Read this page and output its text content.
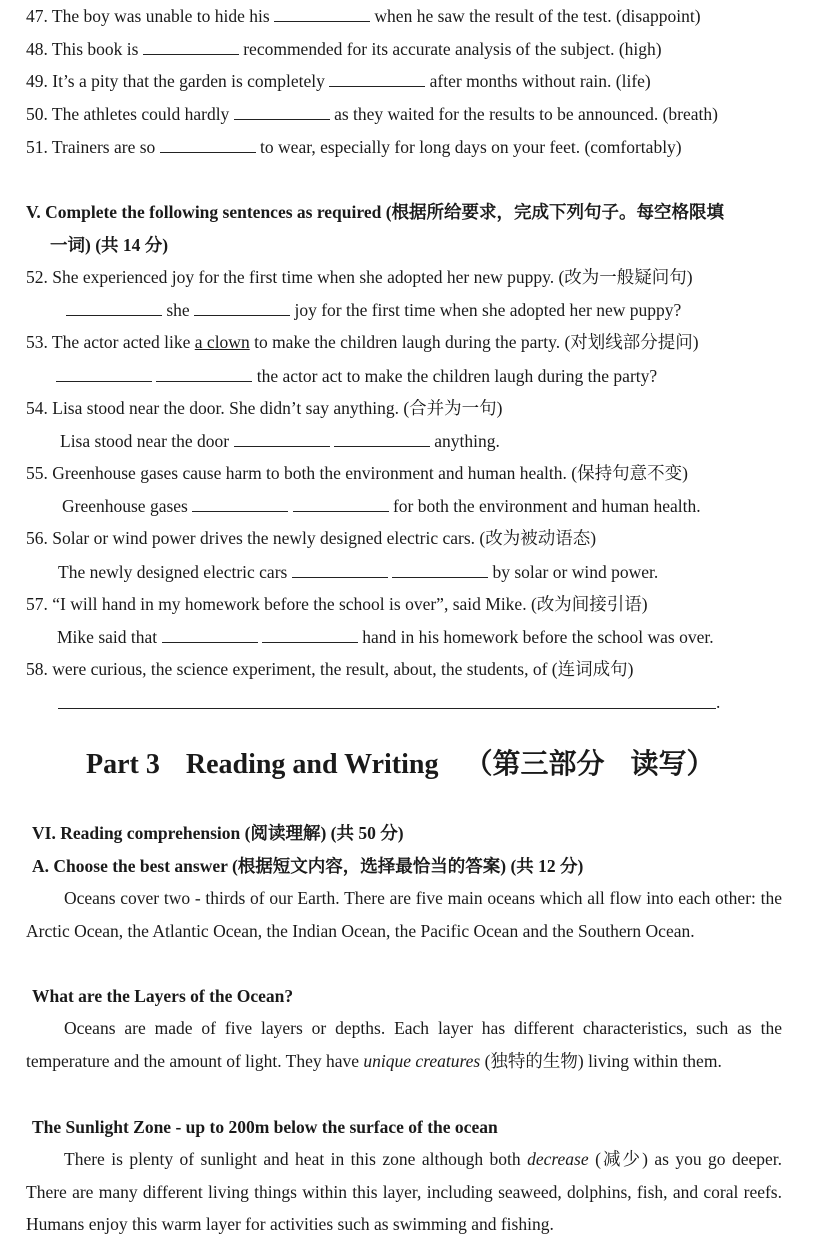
47. The boy was unable to hide his	when he saw the result of the test. (disappoint)
48. This book is	recommended for its accurate analysis of the subject. (high)
49. It’s a pity that the garden is completely	after months without rain. (life)
50. The athletes could hardly	as they waited for the results to be announced. (breath)
51. Trainers are so	to wear, especially for long days on your feet. (comfortably)
V. Complete the following sentences as required (根据所给要求，完成下列句子。每空格限填
一词) (共 14 分)
52. She experienced joy for the first time when she adopted her new puppy. (改为一般疑问句)
she	joy for the first time when she adopted her new puppy?
53. The actor acted like a clown to make the children laugh during the party. (对划线部分提问)
the actor act to make the children laugh during the party?
54. Lisa stood near the door. She didn’t say anything. (合并为一句)
Lisa stood near the door	anything.
55. Greenhouse gases cause harm to both the environment and human health. (保持句意不变)
Greenhouse gases	for both the environment and human health.
56. Solar or wind power drives the newly designed electric cars. (改为被动语态)
The newly designed electric cars	by solar or wind power.
57. “I will hand in my homework before the school is over”, said Mike. (改为间接引语)
Mike said that	hand in his homework before the school was over.
58. were curious, the science experiment, the result, about, the students, of (连词成句)
.
Part 3 Reading and Writing （第三部分 读写）
VI. Reading comprehension (阅读理解) (共 50 分)
A. Choose the best answer (根据短文内容，选择最恰当的答案) (共 12 分)
Oceans cover two - thirds of our Earth. There are five main oceans which all flow into each other: the Arctic Ocean, the Atlantic Ocean, the Indian Ocean, the Pacific Ocean and the Southern Ocean.
What are the Layers of the Ocean?
Oceans are made of five layers or depths. Each layer has different characteristics, such as the temperature and the amount of light. They have unique creatures (独特的生物) living within them.
The Sunlight Zone - up to 200m below the surface of the ocean
There is plenty of sunlight and heat in this zone although both decrease (减少) as you go deeper. There are many different living things within this layer, including seaweed, dolphins, fish, and coral reefs. Humans enjoy this warm layer for activities such as swimming and fishing.
